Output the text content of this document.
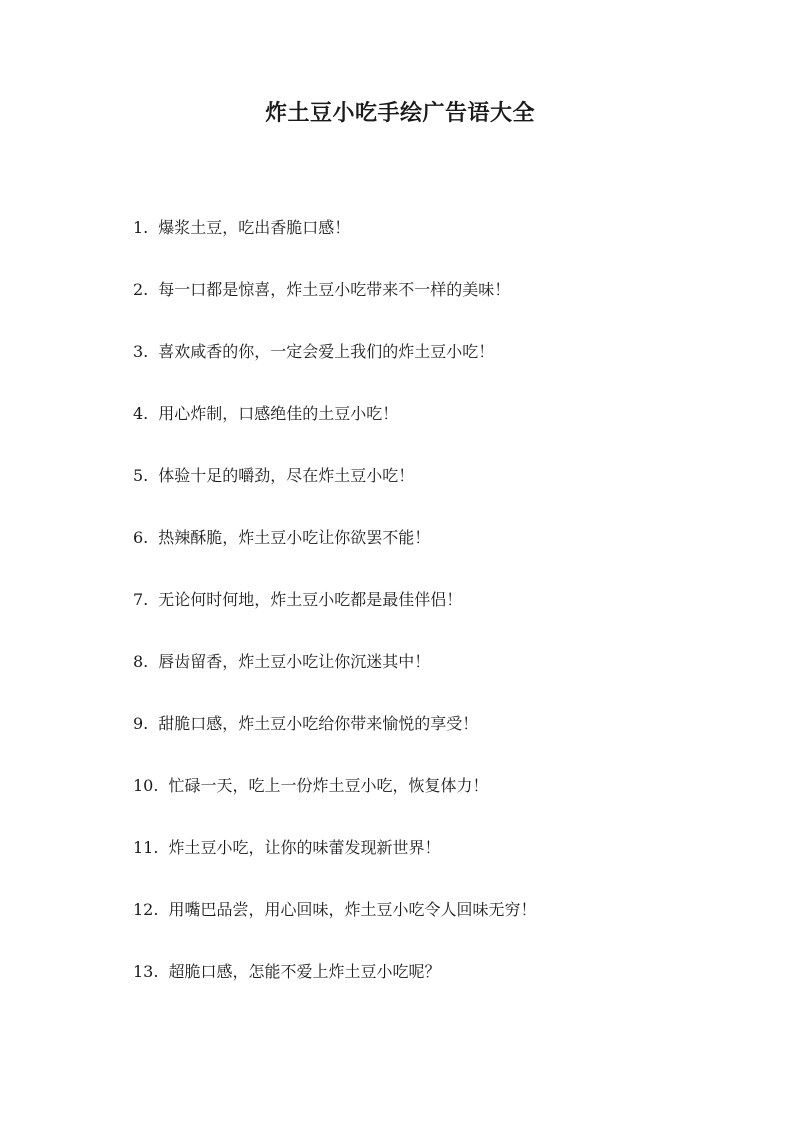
炸土豆小吃手绘广告语大全
1. 爆浆土豆，吃出香脆口感！
2. 每一口都是惊喜，炸土豆小吃带来不一样的美味！
3. 喜欢咸香的你，一定会爱上我们的炸土豆小吃！
4. 用心炸制，口感绝佳的土豆小吃！
5. 体验十足的嚼劲，尽在炸土豆小吃！
6. 热辣酥脆，炸土豆小吃让你欲罢不能！
7. 无论何时何地，炸土豆小吃都是最佳伴侣！
8. 唇齿留香，炸土豆小吃让你沉迷其中！
9. 甜脆口感，炸土豆小吃给你带来愉悦的享受！
10. 忙碌一天，吃上一份炸土豆小吃，恢复体力！
11. 炸土豆小吃，让你的味蕾发现新世界！
12. 用嘴巴品尝，用心回味，炸土豆小吃令人回味无穷！
13. 超脆口感，怎能不爱上炸土豆小吃呢？
